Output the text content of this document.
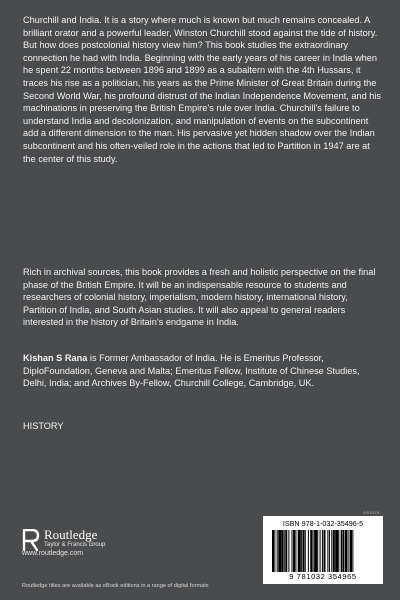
Churchill and India. It is a story where much is known but much remains concealed. A brilliant orator and a powerful leader, Winston Churchill stood against the tide of history. But how does postcolonial history view him? This book studies the extraordinary connection he had with India. Beginning with the early years of his career in India when he spent 22 months between 1896 and 1899 as a subaltern with the 4th Hussars, it traces his rise as a politician, his years as the Prime Minister of Great Britain during the Second World War, his profound distrust of the Indian Independence Movement, and his machinations in preserving the British Empire’s rule over India. Churchill’s failure to understand India and decolonization, and manipulation of events on the subcontinent add a different dimension to the man. His pervasive yet hidden shadow over the Indian subcontinent and his often-veiled role in the actions that led to Partition in 1947 are at the center of this study.

Rich in archival sources, this book provides a fresh and holistic perspective on the final phase of the British Empire. It will be an indispensable resource to students and researchers of colonial history, imperialism, modern history, international history, Partition of India, and South Asian studies. It will also appeal to general readers interested in the history of Britain’s endgame in India.

Kishan S Rana is Former Ambassador of India. He is Emeritus Professor, DiploFoundation, Geneva and Malta; Emeritus Fellow, Institute of Chinese Studies, Delhi, India; and Archives By-Fellow, Churchill College, Cambridge, UK.

HISTORY

Routledge
Taylor & Francis Group
www.routledge.com
Routledge titles are available as eBook editions in a range of digital formats
9 0 0 0 0
ISBN 978-1-032-35496-5
9 781032 354965
